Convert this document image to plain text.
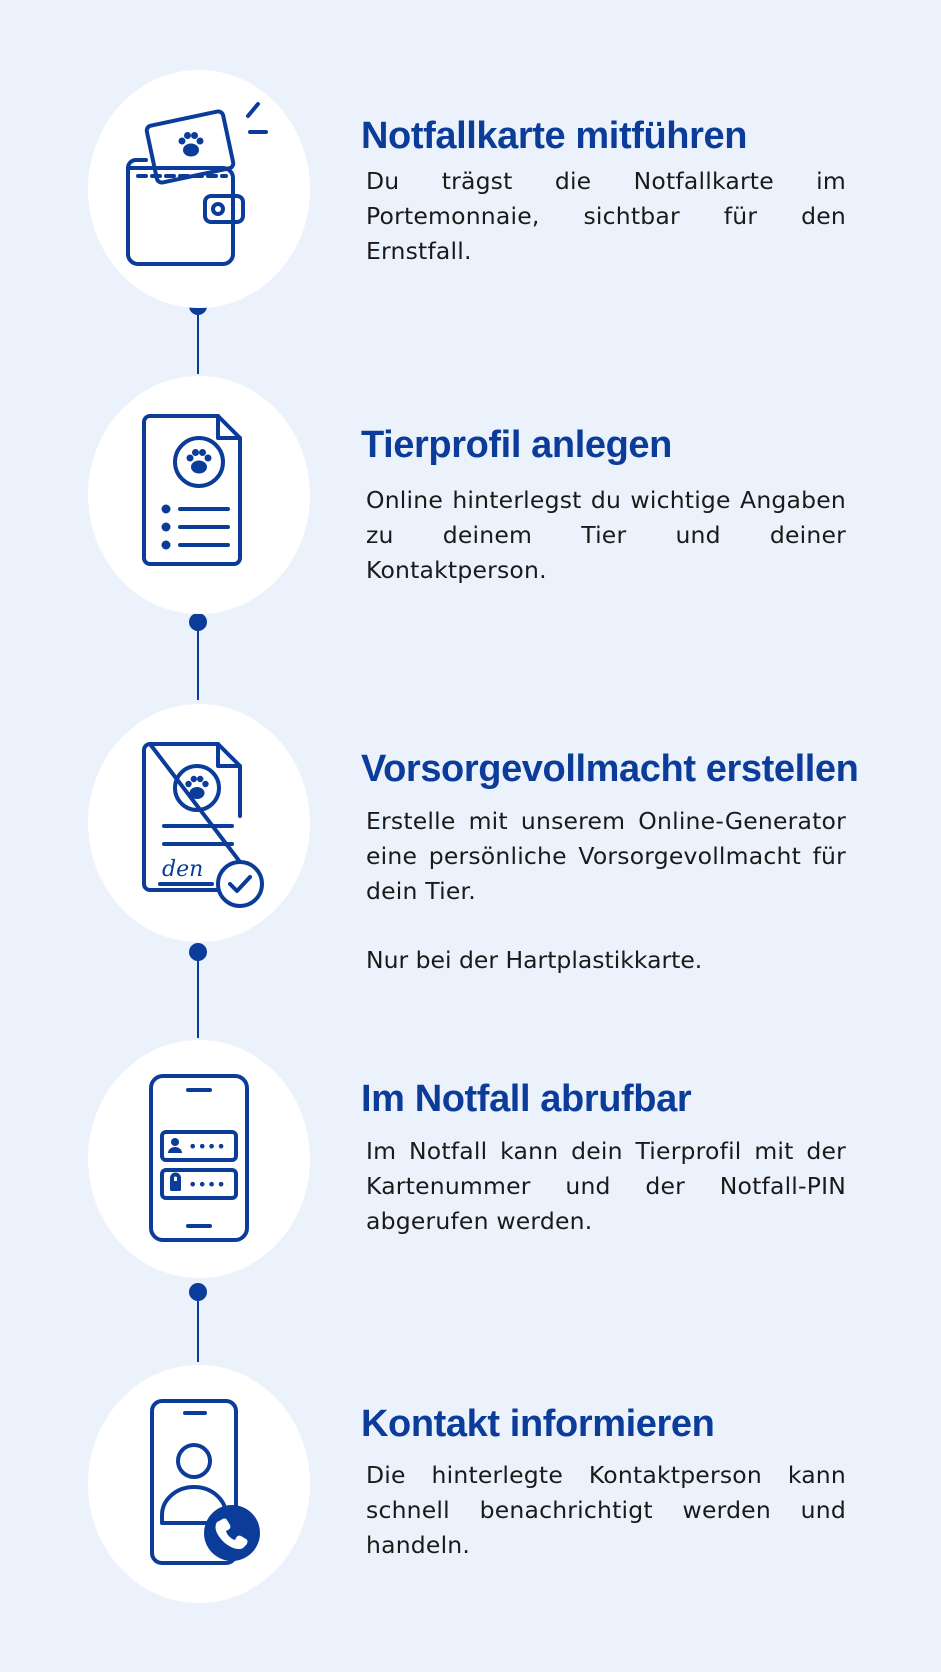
Notfallkarte mitführen

Du trägst die Notfallkarte im Portemonnaie, sichtbar für den Ernstfall.

Tierprofil anlegen

Online hinterlegst du wichtige Angaben zu deinem Tier und deiner Kontaktperson.

den
Vorsorgevollmacht erstellen

Erstelle mit unserem Online-Generator eine persönliche Vorsorgevollmacht für dein Tier.

Nur bei der Hartplastikkarte.

••••
••••
Im Notfall abrufbar

Im Notfall kann dein Tierprofil mit der Kartenummer und der Notfall-PIN abgerufen werden.

Kontakt informieren

Die hinterlegte Kontaktperson kann schnell benachrichtigt werden und handeln.
